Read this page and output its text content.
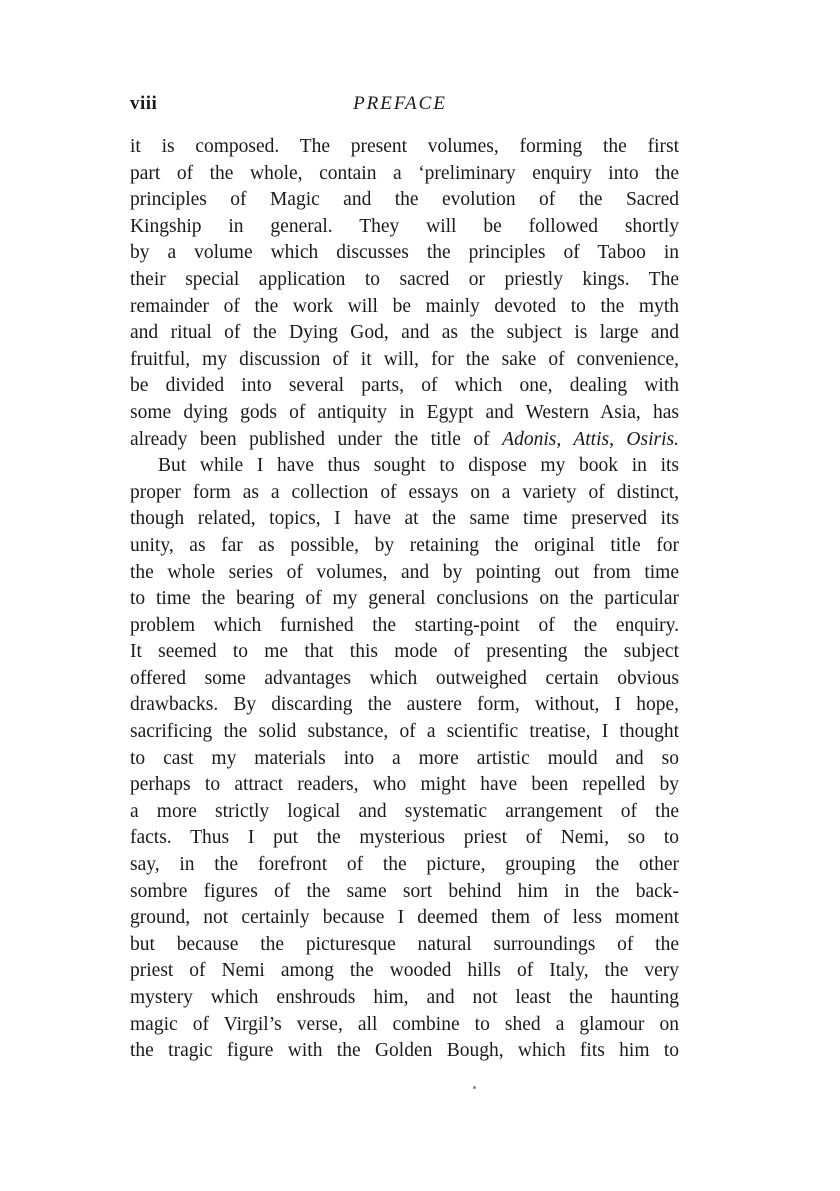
viii	PREFACE
it is composed. The present volumes, forming the first
part of the whole, contain a ‘preliminary enquiry into the
principles of Magic and the evolution of the Sacred
Kingship in general. They will be followed shortly
by a volume which discusses the principles of Taboo in
their special application to sacred or priestly kings. The
remainder of the work will be mainly devoted to the myth
and ritual of the Dying God, and as the subject is large and
fruitful, my discussion of it will, for the sake of convenience,
be divided into several parts, of which one, dealing with
some dying gods of antiquity in Egypt and Western Asia, has
already been published under the title of Adonis, Attis, Osiris.
But while I have thus sought to dispose my book in its
proper form as a collection of essays on a variety of distinct,
though related, topics, I have at the same time preserved its
unity, as far as possible, by retaining the original title for
the whole series of volumes, and by pointing out from time
to time the bearing of my general conclusions on the particular
problem which furnished the starting-point of the enquiry.
It seemed to me that this mode of presenting the subject
offered some advantages which outweighed certain obvious
drawbacks. By discarding the austere form, without, I hope,
sacrificing the solid substance, of a scientific treatise, I thought
to cast my materials into a more artistic mould and so
perhaps to attract readers, who might have been repelled by
a more strictly logical and systematic arrangement of the
facts. Thus I put the mysterious priest of Nemi, so to
say, in the forefront of the picture, grouping the other
sombre figures of the same sort behind him in the back-
ground, not certainly because I deemed them of less moment
but because the picturesque natural surroundings of the
priest of Nemi among the wooded hills of Italy, the very
mystery which enshrouds him, and not least the haunting
magic of Virgil’s verse, all combine to shed a glamour on
the tragic figure with the Golden Bough, which fits him to
